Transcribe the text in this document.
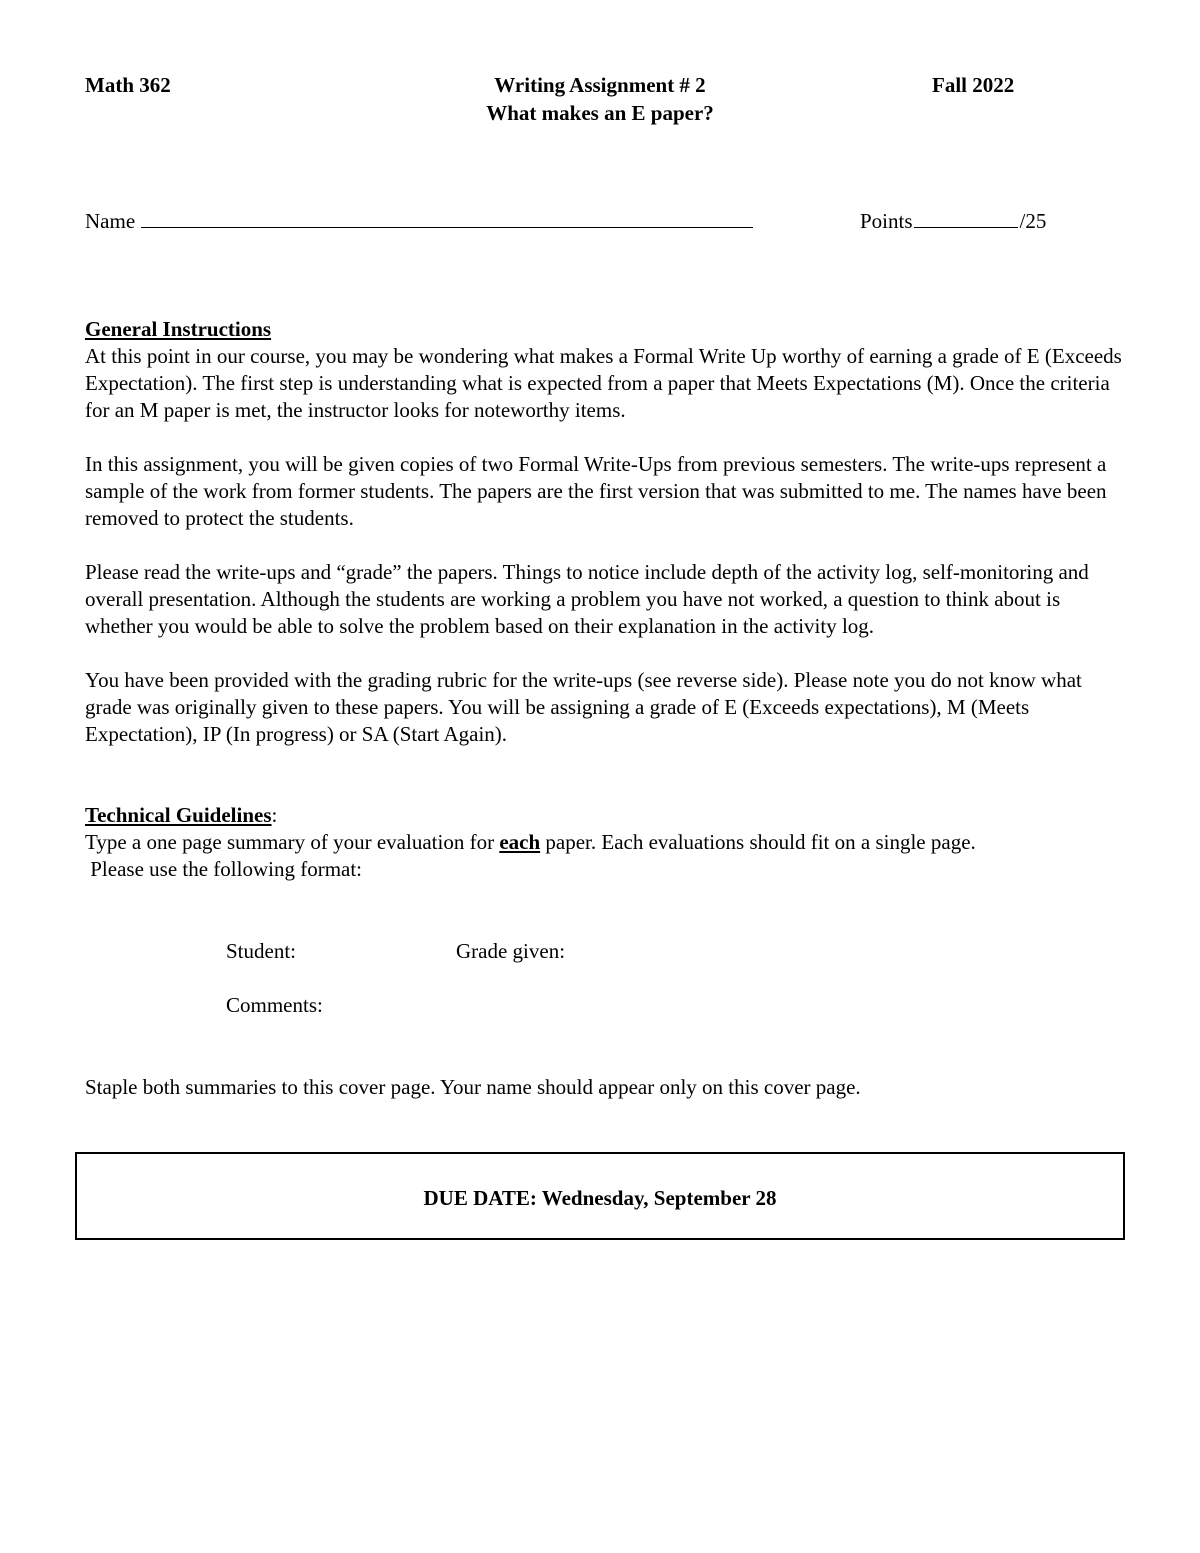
Math 362	Writing Assignment # 2
What makes an E paper?
Fall 2022
Name	Points	/25

General Instructions

At this point in our course, you may be wondering what makes a Formal Write Up worthy of earning a grade of E (Exceeds Expectation). The first step is understanding what is expected from a paper that Meets Expectations (M). Once the criteria for an M paper is met, the instructor looks for noteworthy items.

In this assignment, you will be given copies of two Formal Write-Ups from previous semesters. The write-ups represent a sample of the work from former students. The papers are the first version that was submitted to me. The names have been removed to protect the students.

Please read the write-ups and “grade” the papers. Things to notice include depth of the activity log, self-monitoring and overall presentation. Although the students are working a problem you have not worked, a question to think about is whether you would be able to solve the problem based on their explanation in the activity log.

You have been provided with the grading rubric for the write-ups (see reverse side). Please note you do not know what grade was originally given to these papers. You will be assigning a grade of E (Exceeds expectations), M (Meets Expectation), IP (In progress) or SA (Start Again).

Technical Guidelines:

Type a one page summary of your evaluation for each paper. Each evaluations should fit on a single page.

Please use the following format:

Student:	Grade given:
Comments:
Staple both summaries to this cover page. Your name should appear only on this cover page.
DUE DATE: Wednesday, September 28
